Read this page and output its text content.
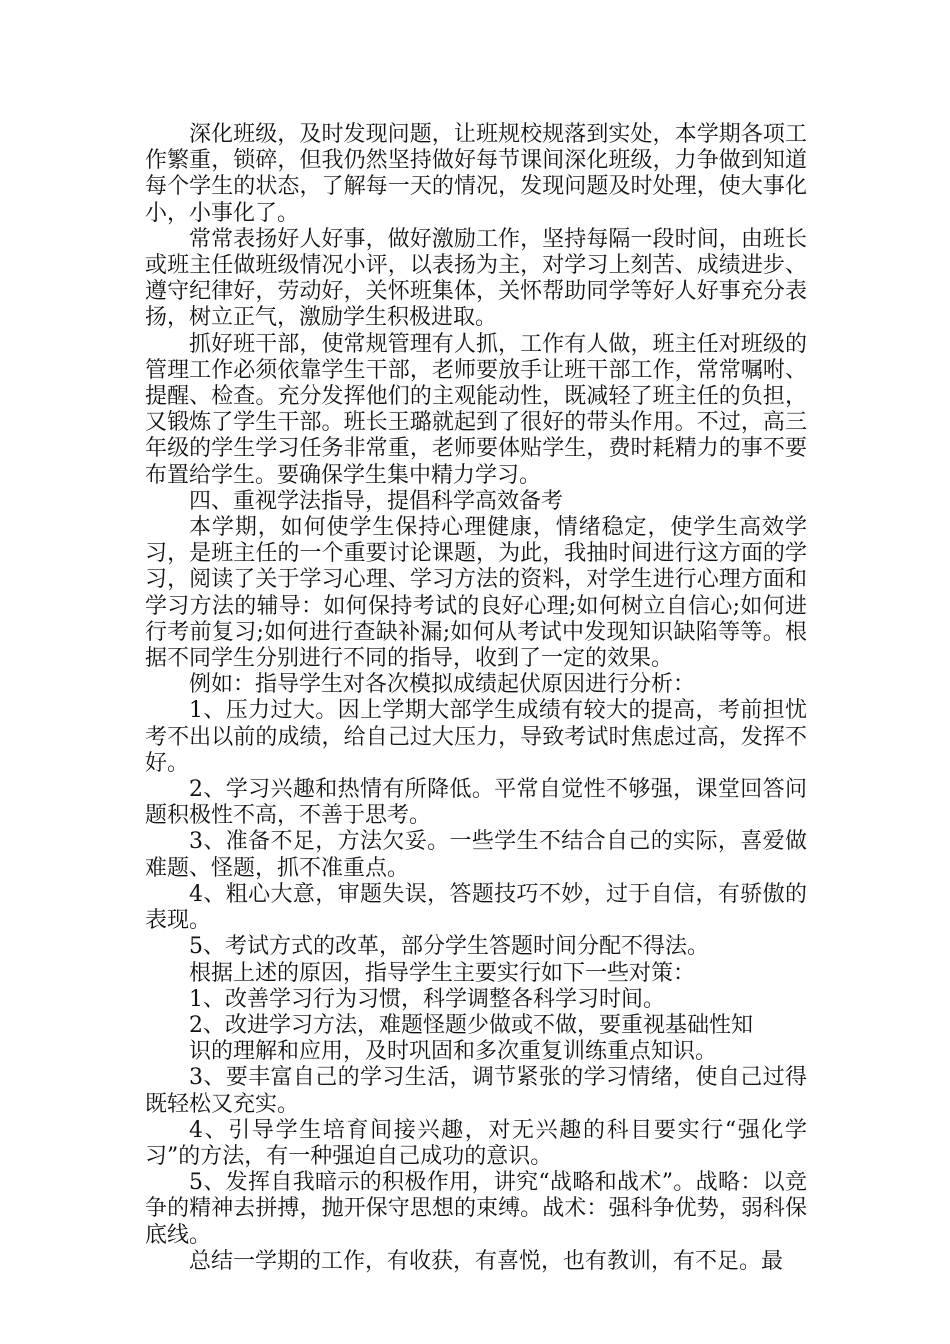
深化班级，及时发现问题，让班规校规落到实处，本学期各项工作繁重，锁碎，但我仍然坚持做好每节课间深化班级，力争做到知道每个学生的状态，了解每一天的情况，发现问题及时处理，使大事化小，小事化了。

常常表扬好人好事，做好激励工作，坚持每隔一段时间，由班长或班主任做班级情况小评，以表扬为主，对学习上刻苦、成绩进步、遵守纪律好，劳动好，关怀班集体，关怀帮助同学等好人好事充分表扬，树立正气，激励学生积极进取。

抓好班干部，使常规管理有人抓，工作有人做，班主任对班级的管理工作必须依靠学生干部，老师要放手让班干部工作，常常嘱咐、提醒、检查。充分发挥他们的主观能动性，既减轻了班主任的负担，又锻炼了学生干部。班长王璐就起到了很好的带头作用。不过，高三年级的学生学习任务非常重，老师要体贴学生，费时耗精力的事不要布置给学生。要确保学生集中精力学习。

四、重视学法指导，提倡科学高效备考

本学期，如何使学生保持心理健康，情绪稳定，使学生高效学习，是班主任的一个重要讨论课题，为此，我抽时间进行这方面的学习，阅读了关于学习心理、学习方法的资料，对学生进行心理方面和学习方法的辅导：如何保持考试的良好心理;如何树立自信心;如何进行考前复习;如何进行查缺补漏;如何从考试中发现知识缺陷等等。根据不同学生分别进行不同的指导，收到了一定的效果。

例如：指导学生对各次模拟成绩起伏原因进行分析：

1、压力过大。因上学期大部学生成绩有较大的提高，考前担忧考不出以前的成绩，给自己过大压力，导致考试时焦虑过高，发挥不好。

2、学习兴趣和热情有所降低。平常自觉性不够强，课堂回答问题积极性不高，不善于思考。

3、准备不足，方法欠妥。一些学生不结合自己的实际，喜爱做难题、怪题，抓不准重点。

4、粗心大意，审题失误，答题技巧不妙，过于自信，有骄傲的表现。

5、考试方式的改革，部分学生答题时间分配不得法。

根据上述的原因，指导学生主要实行如下一些对策：

1、改善学习行为习惯，科学调整各科学习时间。

2、改进学习方法，难题怪题少做或不做，要重视基础性知

识的理解和应用，及时巩固和多次重复训练重点知识。

3、要丰富自己的学习生活，调节紧张的学习情绪，使自己过得既轻松又充实。

4、引导学生培育间接兴趣，对无兴趣的科目要实行“强化学习”的方法，有一种强迫自己成功的意识。

5、发挥自我暗示的积极作用，讲究“战略和战术”。战略：以竞争的精神去拼搏，抛开保守思想的束缚。战术：强科争优势，弱科保底线。

总结一学期的工作，有收获，有喜悦，也有教训，有不足。最
